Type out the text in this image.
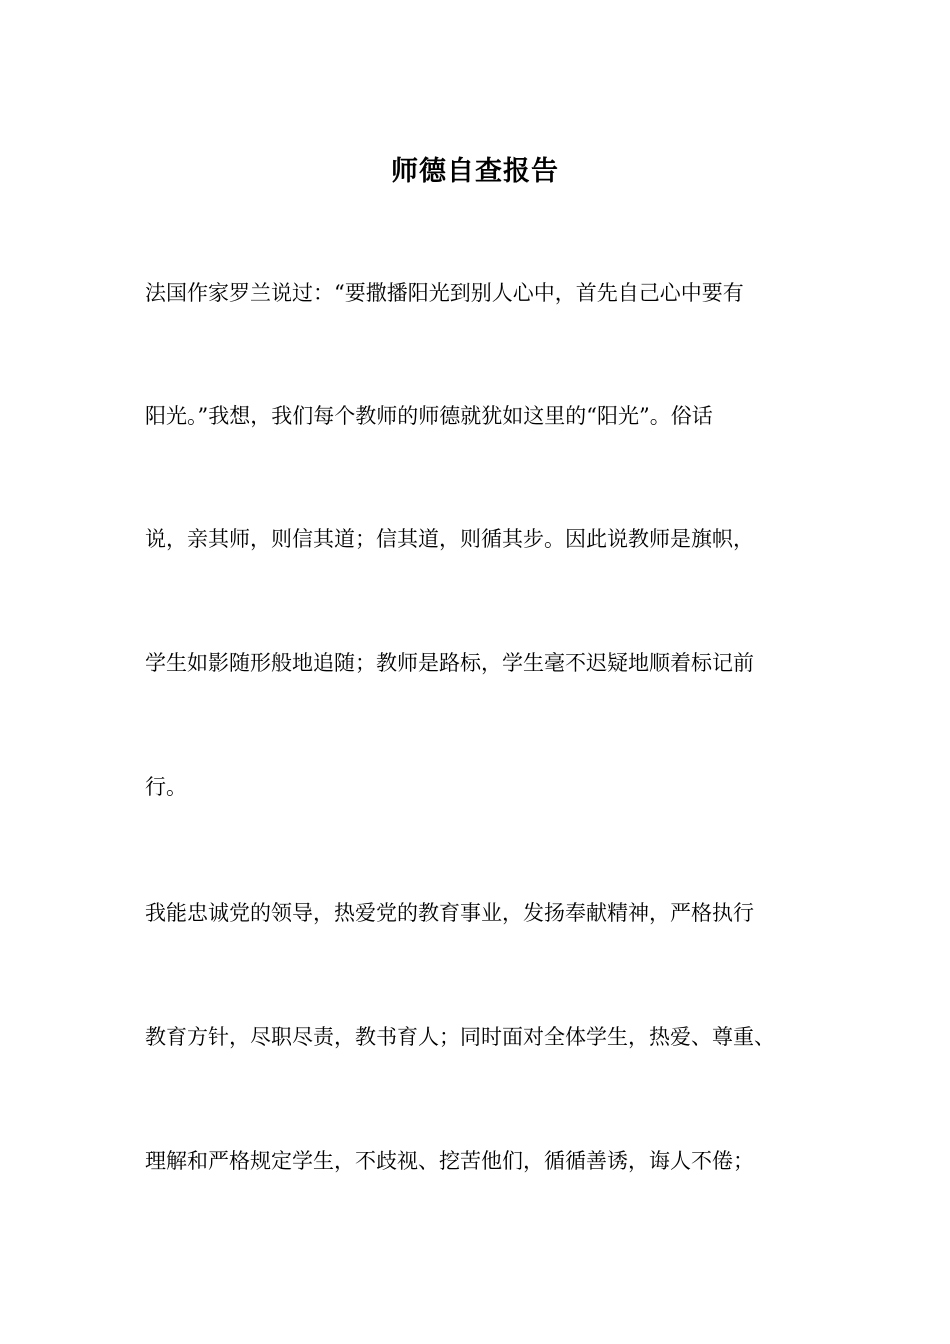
师德自查报告
法国作家罗兰说过：“要撒播阳光到别人心中，首先自己心中要有
阳光。”我想，我们每个教师的师德就犹如这里的“阳光”。俗话
说，亲其师，则信其道；信其道，则循其步。因此说教师是旗帜，
学生如影随形般地追随；教师是路标，学生毫不迟疑地顺着标记前
行。
我能忠诚党的领导，热爱党的教育事业，发扬奉献精神，严格执行
教育方针，尽职尽责，教书育人；同时面对全体学生，热爱、尊重、
理解和严格规定学生，不歧视、挖苦他们，循循善诱，诲人不倦；
